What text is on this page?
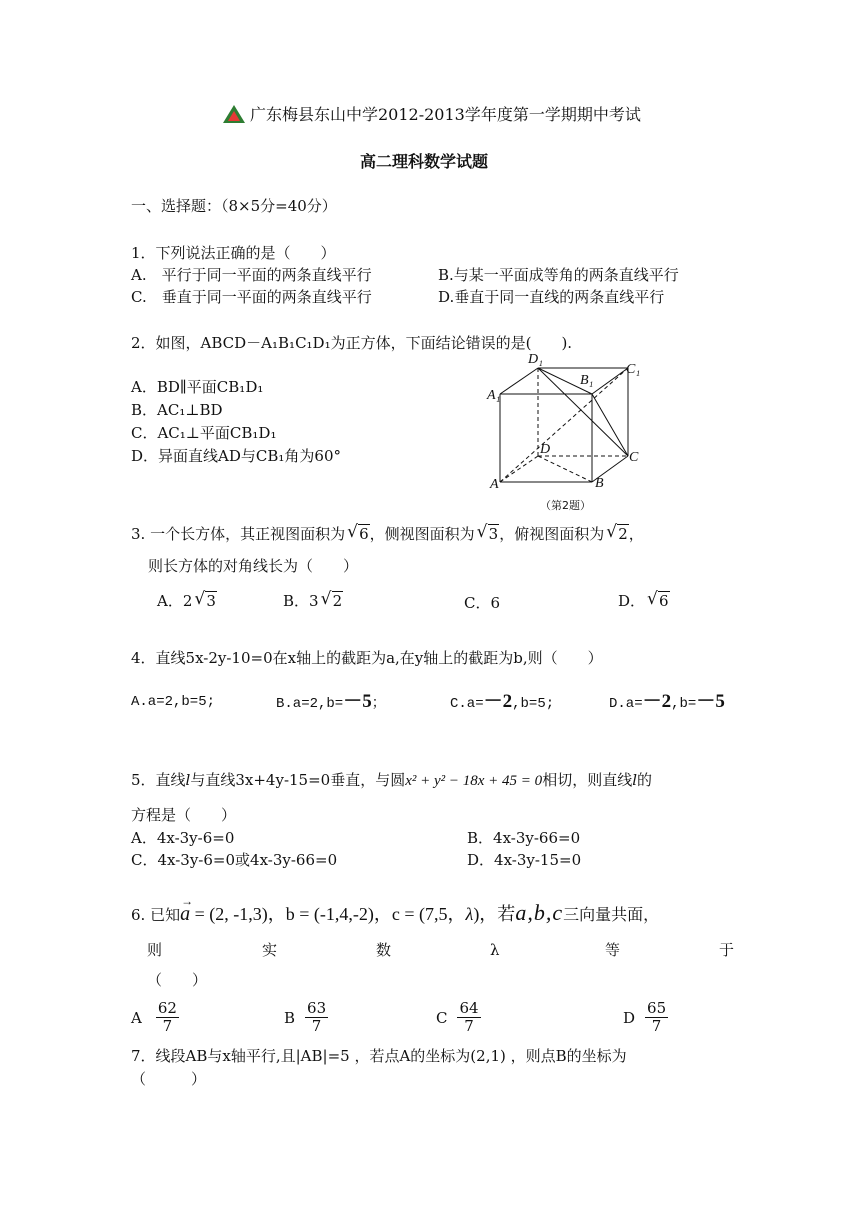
广东梅县东山中学2012-2013学年度第一学期期中考试
高二理科数学试题
一、选择题：（8×5分=40分）
1．下列说法正确的是（　　）
A.　平行于同一平面的两条直线平行	B.与某一平面成等角的两条直线平行
C.　垂直于同一平面的两条直线平行	D.垂直于同一直线的两条直线平行
2．如图，ABCD－A₁B₁C₁D₁为正方体，下面结论错误的是(　　).
A．BD∥平面CB₁D₁
B．AC₁⊥BD
C．AC₁⊥平面CB₁D₁
D．异面直线AD与CB₁角为60°
D₁
C₁
B₁
A₁
D
C
A	B
（第2题）
3. 一个长方体，其正视图面积为 √ 6，侧视图面积为 √ 3，俯视图面积为 √ 2，
则长方体的对角线长为（　　）
A．2 √ 3	B．3 √ 2	C．6	D． √ 6
4．直线5x-2y-10=0在x轴上的截距为a,在y轴上的截距为b,则（　　）
A.a=2,b=5;	B.a=2,b=－5；	C.a=－2,b=5;	D.a=－2,b=－5
5．直线l与直线3x+4y-15=0垂直，与圆x² + y² − 18x + 45 = 0相切，则直线l的
方程是（　　）
A．4x-3y-6=0	B．4x-3y-66=0
C．4x-3y-6=0或4x-3y-66=0	D．4x-3y-15=0
6. 已知→ a = (2, -1,3)，b = (-1,4,-2)，c = (7,5，λ)，若a,b,c三向量共面，
则	实	数	λ	等	于
（　　）
A $\frac{62}{7}$	B $\frac{63}{7}$	C $\frac{64}{7}$	D $\frac{65}{7}$
7．线段AB与x轴平行,且|AB|=5 ，若点A的坐标为(2,1) ，则点B的坐标为
（　　　）
